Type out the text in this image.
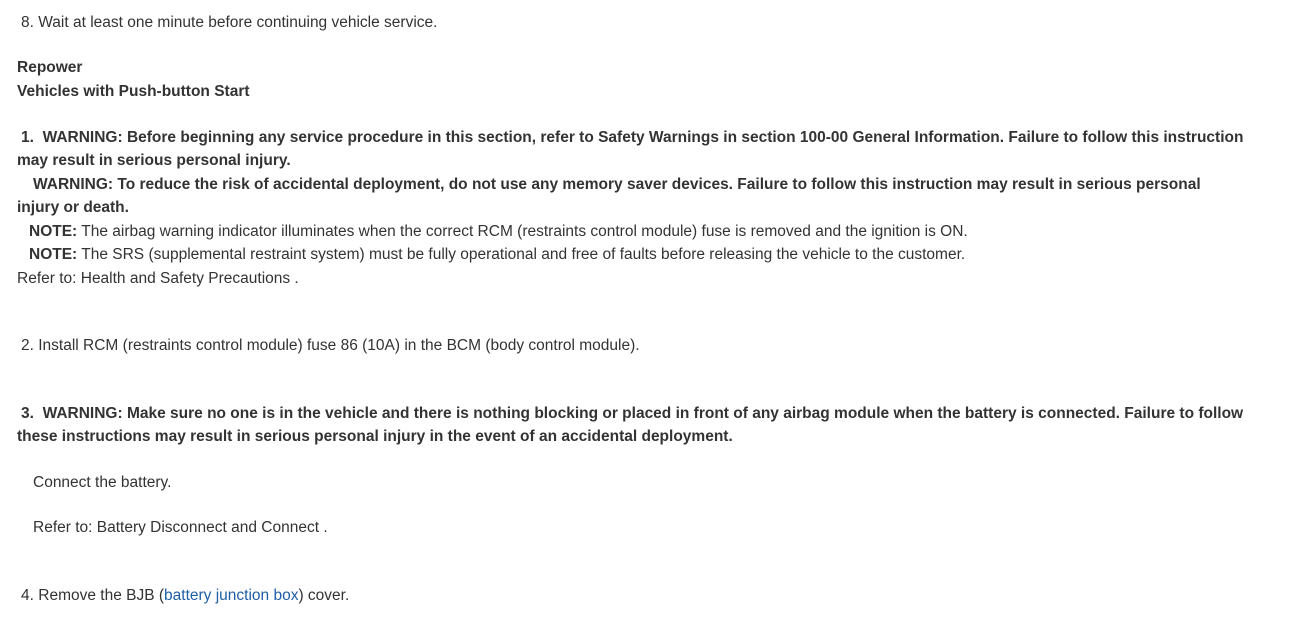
8. Wait at least one minute before continuing vehicle service.
Repower
Vehicles with Push-button Start
1. WARNING: Before beginning any service procedure in this section, refer to Safety Warnings in section 100-00 General Information. Failure to follow this instruction may result in serious personal injury.
WARNING: To reduce the risk of accidental deployment, do not use any memory saver devices. Failure to follow this instruction may result in serious personal injury or death.
NOTE: The airbag warning indicator illuminates when the correct RCM (restraints control module) fuse is removed and the ignition is ON.
NOTE: The SRS (supplemental restraint system) must be fully operational and free of faults before releasing the vehicle to the customer.
Refer to: Health and Safety Precautions .
2. Install RCM (restraints control module) fuse 86 (10A) in the BCM (body control module).
3. WARNING: Make sure no one is in the vehicle and there is nothing blocking or placed in front of any airbag module when the battery is connected. Failure to follow these instructions may result in serious personal injury in the event of an accidental deployment.
Connect the battery.
Refer to: Battery Disconnect and Connect .
4. Remove the BJB (battery junction box) cover.
